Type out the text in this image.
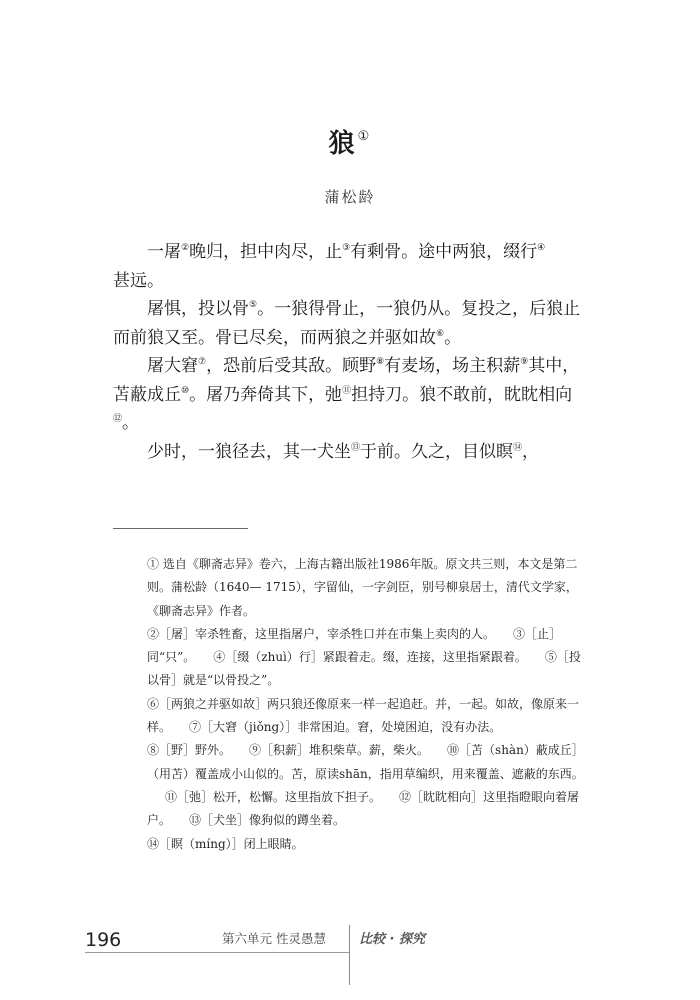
狼①
蒲松龄

一屠②晚归，担中肉尽，止③有剩骨。途中两狼，缀行④
甚远。

屠惧，投以骨⑤。一狼得骨止，一狼仍从。复投之，后狼止而前狼又至。骨已尽矣，而两狼之并驱如故⑥。

屠大窘⑦，恐前后受其敌。顾野⑧有麦场，场主积薪⑨其中，苫蔽成丘⑩。屠乃奔倚其下，弛⑪担持刀。狼不敢前，眈眈相向⑫。

少时，一狼径去，其一犬坐⑬于前。久之，目似瞑⑭，

① 选自《聊斋志异》卷六，上海古籍出版社1986年版。原文共三则，本文是第二则。蒲松龄（1640— 1715），字留仙，一字剑臣，别号柳泉居士，清代文学家，《聊斋志异》作者。

②［屠］宰杀牲畜，这里指屠户，宰杀牲口并在市集上卖肉的人。 ③［止］同“只”。 ④［缀（zhuì）行］紧跟着走。缀，连接，这里指紧跟着。 ⑤［投以骨］就是“以骨投之”。

⑥［两狼之并驱如故］两只狼还像原来一样一起追赶。并，一起。如故，像原来一样。 ⑦［大窘（jiǒng）］非常困迫。窘，处境困迫，没有办法。

⑧［野］野外。 ⑨［积薪］堆积柴草。薪，柴火。 ⑩［苫（shàn）蔽成丘］（用苫）覆盖成小山似的。苫，原读shān，指用草编织，用来覆盖、遮蔽的东西。⑪［弛］松开，松懈。这里指放下担子。 ⑫［眈眈相向］这里指瞪眼向着屠户。 ⑬［犬坐］像狗似的蹲坐着。

⑭［瞑（míng）］闭上眼睛。

196	第六单元 性灵愚慧	比较 · 探究
